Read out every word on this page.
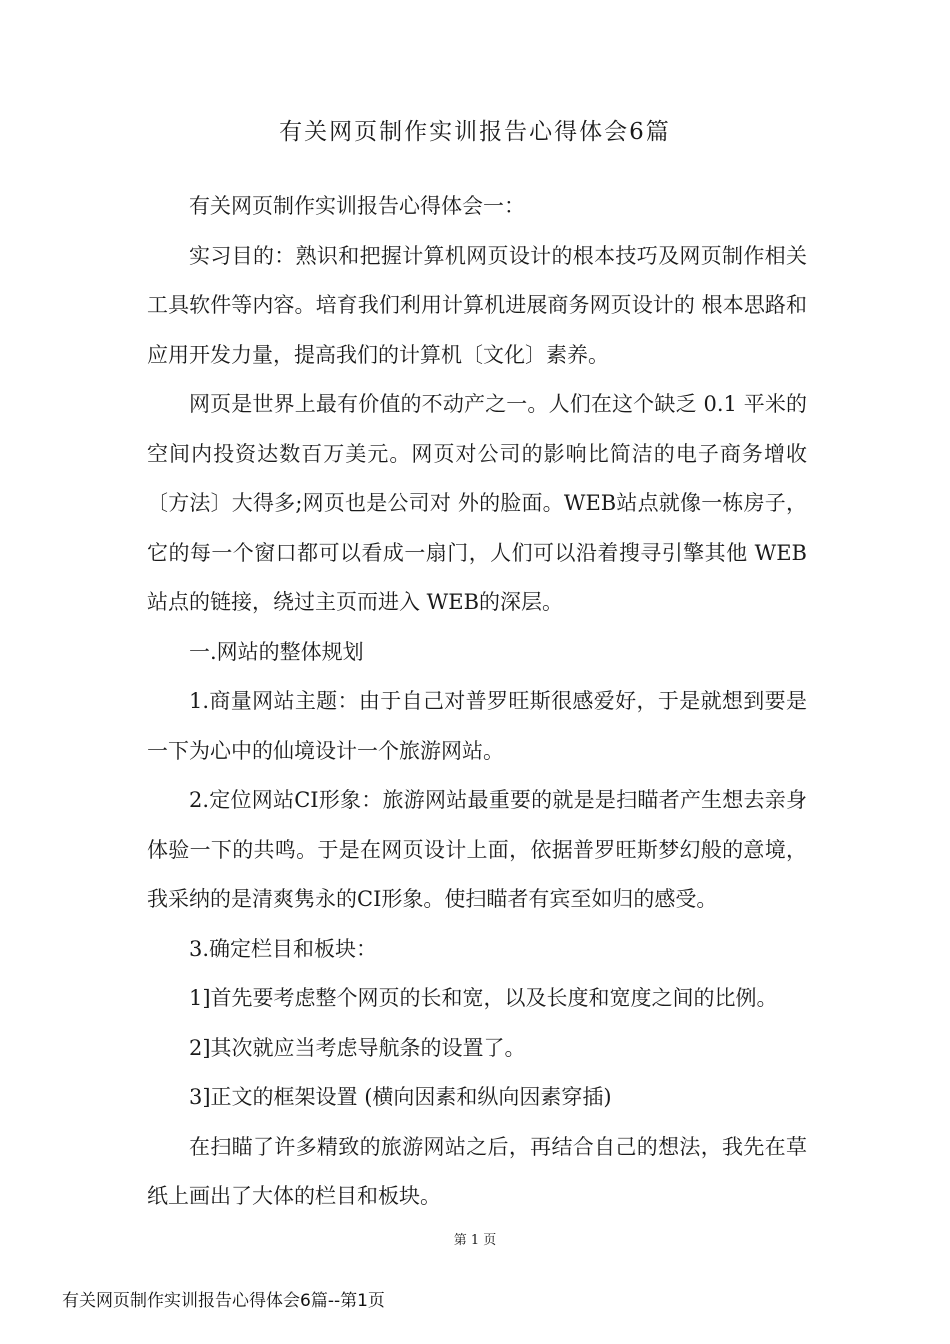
有关网页制作实训报告心得体会6篇

有关网页制作实训报告心得体会一：

实习目的：熟识和把握计算机网页设计的根本技巧及网页制作相关工具软件等内容。培育我们利用计算机进展商务网页设计的 根本思路和应用开发力量，提高我们的计算机〔文化〕素养。

网页是世界上最有价值的不动产之一。人们在这个缺乏 0.1 平米的空间内投资达数百万美元。网页对公司的影响比简洁的电子商务增收〔方法〕大得多;网页也是公司对 外的脸面。WEB站点就像一栋房子，它的每一个窗口都可以看成一扇门，人们可以沿着搜寻引擎其他 WEB站点的链接，绕过主页而进入 WEB的深层。

一.网站的整体规划

1.商量网站主题：由于自己对普罗旺斯很感爱好，于是就想到要是一下为心中的仙境设计一个旅游网站。

2.定位网站CI形象：旅游网站最重要的就是是扫瞄者产生想去亲身体验一下的共鸣。于是在网页设计上面，依据普罗旺斯梦幻般的意境，我采纳的是清爽隽永的CI形象。使扫瞄者有宾至如归的感受。

3.确定栏目和板块：

1]首先要考虑整个网页的长和宽，以及长度和宽度之间的比例。

2]其次就应当考虑导航条的设置了。

3]正文的框架设置 (横向因素和纵向因素穿插)

在扫瞄了许多精致的旅游网站之后，再结合自己的想法，我先在草纸上画出了大体的栏目和板块。

第 1 页
有关网页制作实训报告心得体会6篇--第1页
